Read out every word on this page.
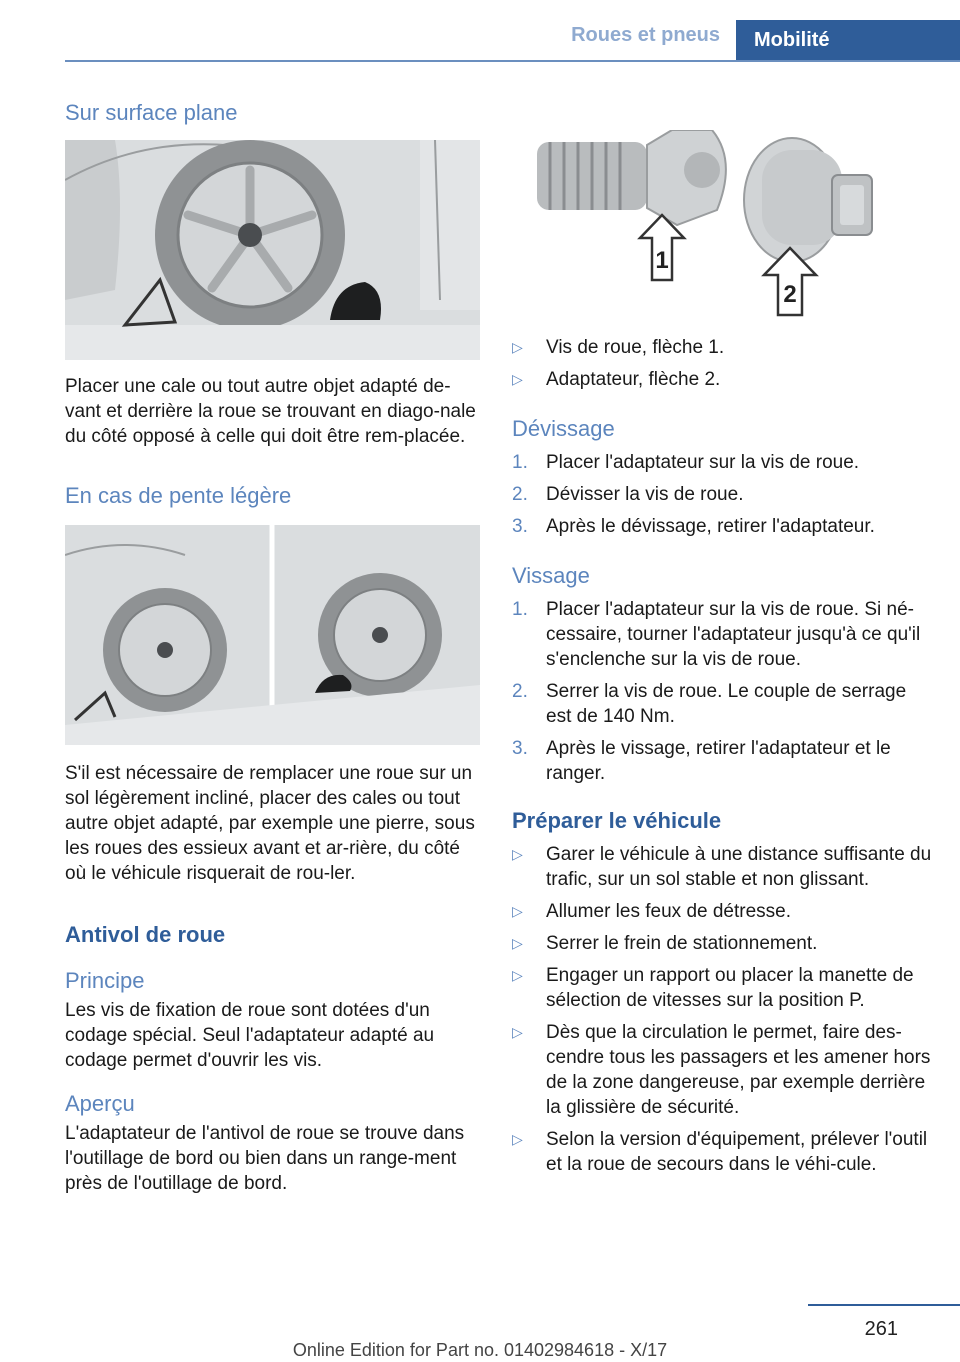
Roues et pneus	Mobilité
Sur surface plane

Placer une cale ou tout autre objet adapté de‐vant et derrière la roue se trouvant en diago‐nale du côté opposé à celle qui doit être rem‐placée.

En cas de pente légère

S'il est nécessaire de remplacer une roue sur un sol légèrement incliné, placer des cales ou tout autre objet adapté, par exemple une pierre, sous les roues des essieux avant et ar‐rière, du côté où le véhicule risquerait de rou‐ler.

Antivol de roue
Principe

Les vis de fixation de roue sont dotées d'un codage spécial. Seul l'adaptateur adapté au codage permet d'ouvrir les vis.

Aperçu

L'adaptateur de l'antivol de roue se trouve dans l'outillage de bord ou bien dans un range‐ment près de l'outillage de bord.

1
2
▷ Vis de roue, flèche 1.
▷ Adaptateur, flèche 2.
Dévissage
1. Placer l'adaptateur sur la vis de roue.
2. Dévisser la vis de roue.
3. Après le dévissage, retirer l'adaptateur.
Vissage
1. Placer l'adaptateur sur la vis de roue. Si né‐cessaire, tourner l'adaptateur jusqu'à ce qu'il s'enclenche sur la vis de roue.
2. Serrer la vis de roue. Le couple de serrage est de 140 Nm.
3. Après le vissage, retirer l'adaptateur et le ranger.
Préparer le véhicule
▷ Garer le véhicule à une distance suffisante du trafic, sur un sol stable et non glissant.
▷ Allumer les feux de détresse.
▷ Serrer le frein de stationnement.
▷ Engager un rapport ou placer la manette de sélection de vitesses sur la position P.
▷ Dès que la circulation le permet, faire des‐cendre tous les passagers et les amener hors de la zone dangereuse, par exemple derrière la glissière de sécurité.
▷ Selon la version d'équipement, prélever l'outil et la roue de secours dans le véhi‐cule.
261
Online Edition for Part no. 01402984618 - X/17
